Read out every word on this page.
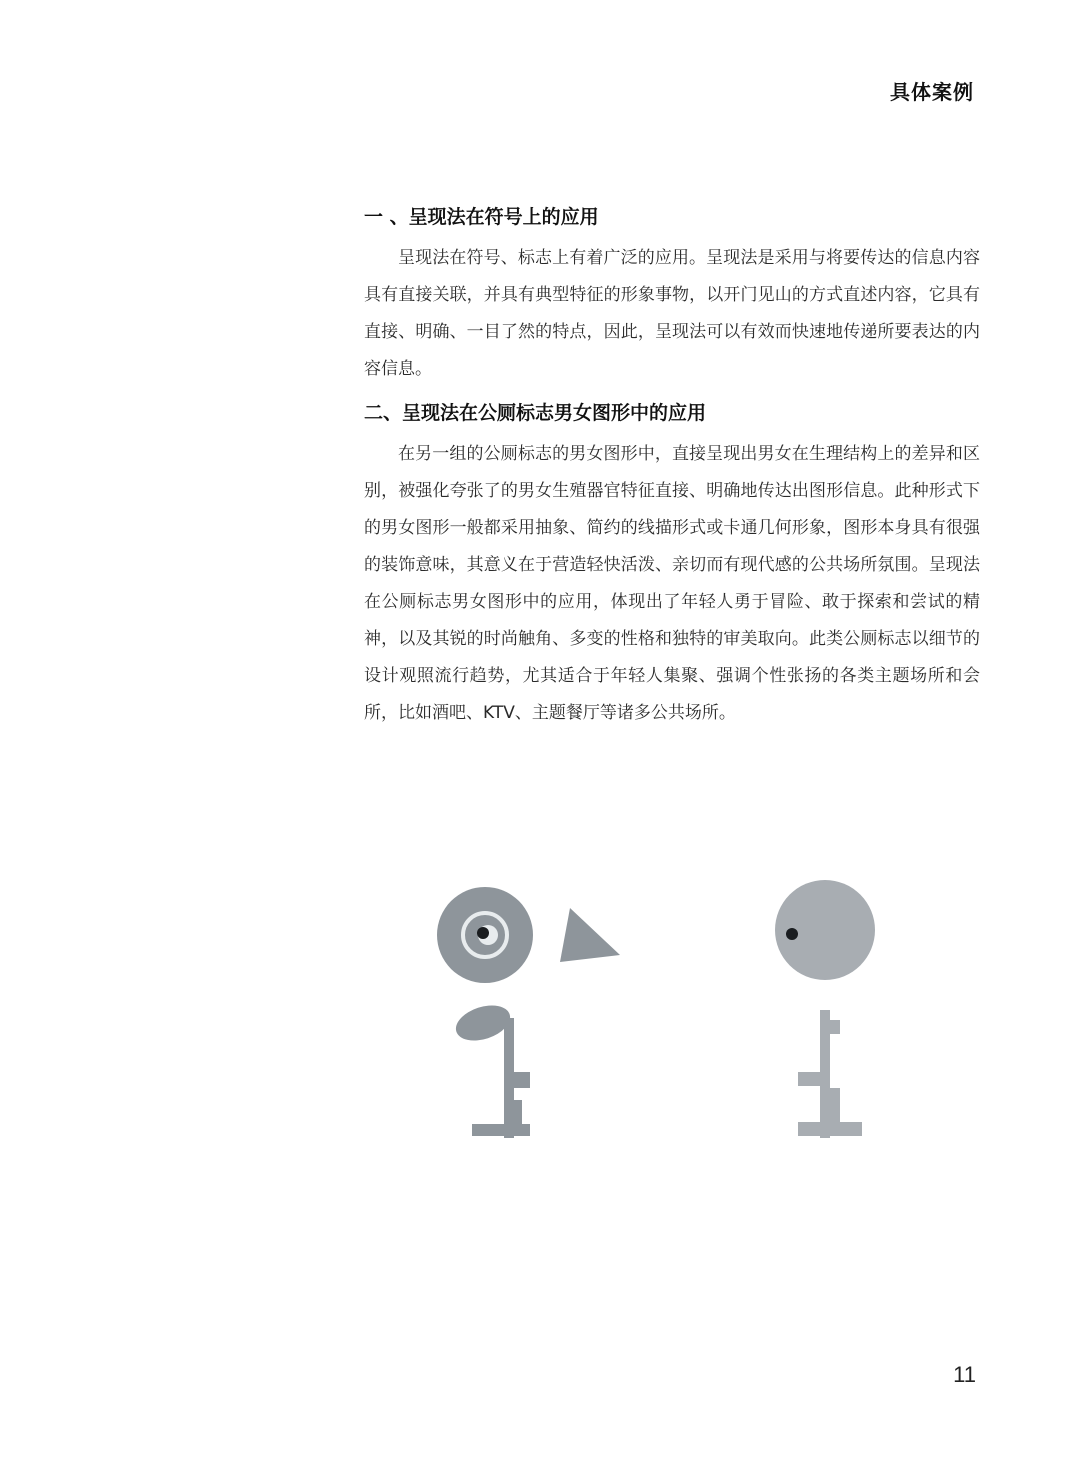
具体案例
一 、呈现法在符号上的应用

呈现法在符号、标志上有着广泛的应用。呈现法是采用与将要传达的信息内容具有直接关联，并具有典型特征的形象事物，以开门见山的方式直述内容，它具有直接、明确、一目了然的特点，因此，呈现法可以有效而快速地传递所要表达的内容信息。

二、呈现法在公厕标志男女图形中的应用

在另一组的公厕标志的男女图形中，直接呈现出男女在生理结构上的差异和区别，被强化夸张了的男女生殖器官特征直接、明确地传达出图形信息。此种形式下的男女图形一般都采用抽象、简约的线描形式或卡通几何形象，图形本身具有很强的装饰意味，其意义在于营造轻快活泼、亲切而有现代感的公共场所氛围。呈现法在公厕标志男女图形中的应用，体现出了年轻人勇于冒险、敢于探索和尝试的精神，以及其锐的时尚触角、多变的性格和独特的审美取向。此类公厕标志以细节的设计观照流行趋势，尤其适合于年轻人集聚、强调个性张扬的各类主题场所和会所，比如酒吧、KTV、主题餐厅等诸多公共场所。

11
